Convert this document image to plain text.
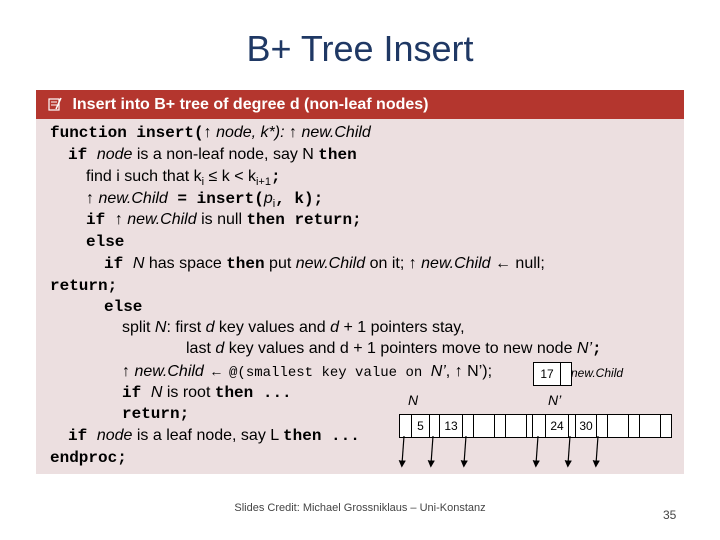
B+ Tree Insert
Insert into B+ tree of degree d (non-leaf nodes)
function insert(↑ node, k*): ↑ new.Child
if node is a non-leaf node, say N then
find i such that $k_i \le k < k_{i+1}$;
↑ new.Child = $insert(p_i$, k);
if ↑ new.Child is null then return;
else
if N has space then put new.Child on it; ↑ new.Child ← null;
return;
else
split N: first d key values and d + 1 pointers stay,
last d key values and d + 1 pointers move to new node N’;
↑ new.Child ← @(smallest key value on N’, ↑ N’);
if N is root then ...
return;
if node is a leaf node, say L then ...
endproc;
17	new.Child
N	N’
5	13	24	30
Slides Credit: Michael Grossniklaus – Uni-Konstanz	35
